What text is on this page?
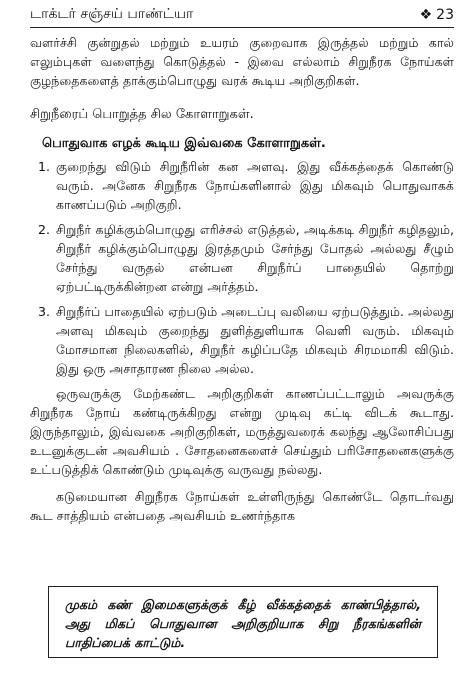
டாக்டர் சஞ்சய் பாண்ட்யா	❖ 23

வளர்ச்சி குன்றுதல் மற்றும் உயரம் குறைவாக இருத்தல் மற்றும் கால் எலும்புகள் வளைந்து கொடுத்தல் - இவை எல்லாம் சிறுநீரக நோய்கள் குழந்தைகளைத் தாக்கும்பொழுது வரக் கூடிய அறிகுறிகள்.

சிறுநீரைப் பொறுத்த சில கோளாறுகள்.

பொதுவாக எழக் கூடிய இவ்வகை கோளாறுகள்.

1. குறைந்து விடும் சிறுநீரின் கன அளவு. இது வீக்கத்தைக் கொண்டு வரும். அனேக சிறுநீரக நோய்களினால் இது மிகவும் பொதுவாகக் காணப்படும் அறிகுறி.
2. சிறுநீர் கழிக்கும்பொழுது எரிச்சல் எடுத்தல், அடிக்கடி சிறுநீர் கழிதலும், சிறுநீர் கழிக்கும்பொழுது இரத்தமும் சேர்ந்து போதல் அல்லது சீழும் சேர்ந்து வருதல் என்பன சிறுநீர்ப் பாதையில் தொற்று ஏற்பட்டிருக்கின்றன என்று அர்த்தம்.
3. சிறுநீர்ப் பாதையில் ஏற்படும் அடைப்பு வலியை ஏற்படுத்தும். அல்லது அளவு மிகவும் குறைந்து துளித்துளியாக வெளி வரும். மிகவும் மோசமான நிலைகளில், சிறுநீர் கழிப்பதே மிகவும் சிரமமாகி விடும். இது ஒரு அசாதாரண நிலை அல்ல.

ஒருவருக்கு மேற்கண்ட அறிகுறிகள் காணப்பட்டாலும் அவருக்கு சிறுநீரக நோய் கண்டிருக்கிறது என்று முடிவு கட்டி விடக் கூடாது. இருந்தாலும், இவ்வகை அறிகுறிகள், மருத்துவரைக் கலந்து ஆலோசிப்பது உடனுக்குடன் அவசியம் . சோதனைகளைச் செய்தும் பரிசோதனைகளுக்கு உட்படுத்திக் கொண்டும் முடிவுக்கு வருவது நல்லது.

கடுமையான சிறுநீரக நோய்கள் உள்ளிருந்து கொண்டே தொடர்வது கூட சாத்தியம் என்பதை அவசியம் உணர்ந்தாக

முகம் கண் இமைகளுக்குக் கீழ் வீக்கத்தைக் காண்பித்தால், அது மிகப் பொதுவான அறிகுறியாக சிறு நீரகங்களின் பாதிப்பைக் காட்டும்.
